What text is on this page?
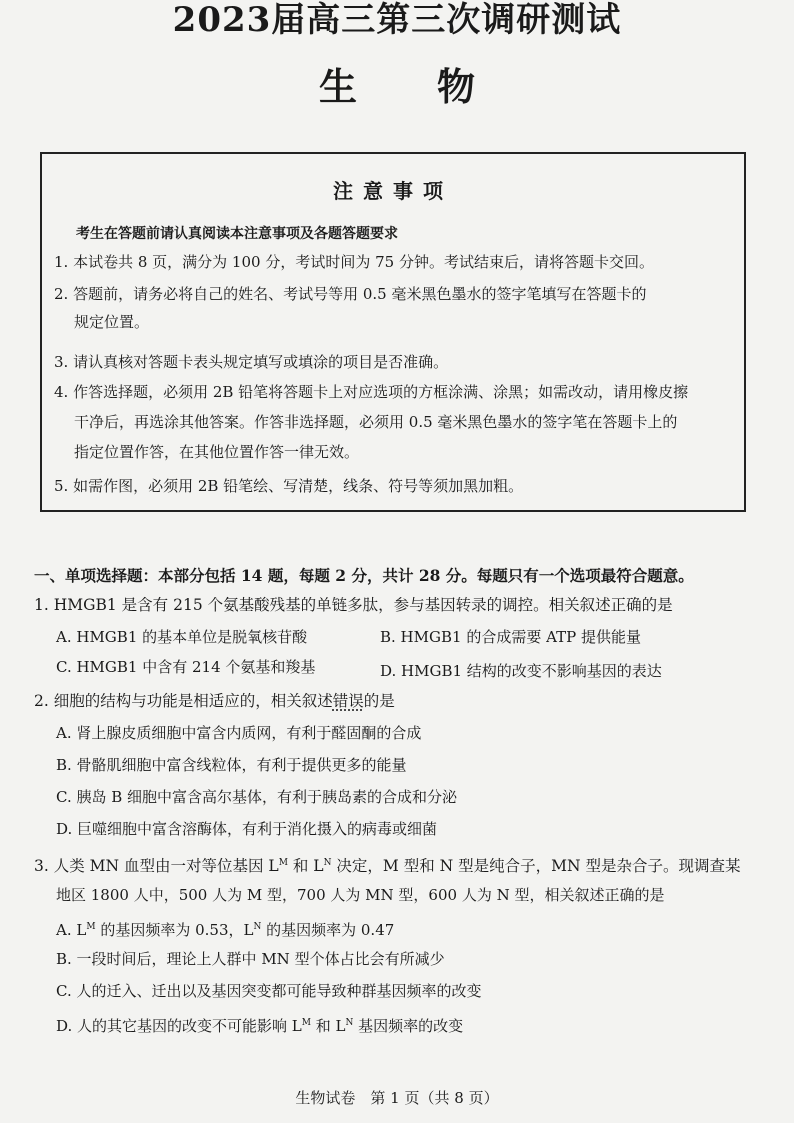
2023届高三第三次调研测试
生物
注意事项
考生在答题前请认真阅读本注意事项及各题答题要求
1. 本试卷共 8 页，满分为 100 分，考试时间为 75 分钟。考试结束后，请将答题卡交回。
2. 答题前，请务必将自己的姓名、考试号等用 0.5 毫米黑色墨水的签字笔填写在答题卡的
规定位置。
3. 请认真核对答题卡表头规定填写或填涂的项目是否准确。
4. 作答选择题，必须用 2B 铅笔将答题卡上对应选项的方框涂满、涂黑；如需改动，请用橡皮擦
干净后，再选涂其他答案。作答非选择题，必须用 0.5 毫米黑色墨水的签字笔在答题卡上的
指定位置作答，在其他位置作答一律无效。
5. 如需作图，必须用 2B 铅笔绘、写清楚，线条、符号等须加黑加粗。
一、单项选择题：本部分包括 14 题，每题 2 分，共计 28 分。每题只有一个选项最符合题意。
1. HMGB1 是含有 215 个氨基酸残基的单链多肽，参与基因转录的调控。相关叙述正确的是
A. HMGB1 的基本单位是脱氧核苷酸	B. HMGB1 的合成需要 ATP 提供能量
C. HMGB1 中含有 214 个氨基和羧基	D. HMGB1 结构的改变不影响基因的表达
2. 细胞的结构与功能是相适应的，相关叙述错误的是
A. 肾上腺皮质细胞中富含内质网，有利于醛固酮的合成
B. 骨骼肌细胞中富含线粒体，有利于提供更多的能量
C. 胰岛 B 细胞中富含高尔基体，有利于胰岛素的合成和分泌
D. 巨噬细胞中富含溶酶体，有利于消化摄入的病毒或细菌
3. 人类 MN 血型由一对等位基因 $L^M$ 和 $L^N$ 决定，M 型和 N 型是纯合子，MN 型是杂合子。现调查某
地区 1800 人中，500 人为 M 型，700 人为 MN 型，600 人为 N 型，相关叙述正确的是
A. $L^M$ 的基因频率为 0.53，$L^N$ 的基因频率为 0.47
B. 一段时间后，理论上人群中 MN 型个体占比会有所减少
C. 人的迁入、迁出以及基因突变都可能导致种群基因频率的改变
D. 人的其它基因的改变不可能影响 $L^M$ 和 $L^N$ 基因频率的改变
生物试卷　第 1 页（共 8 页）
